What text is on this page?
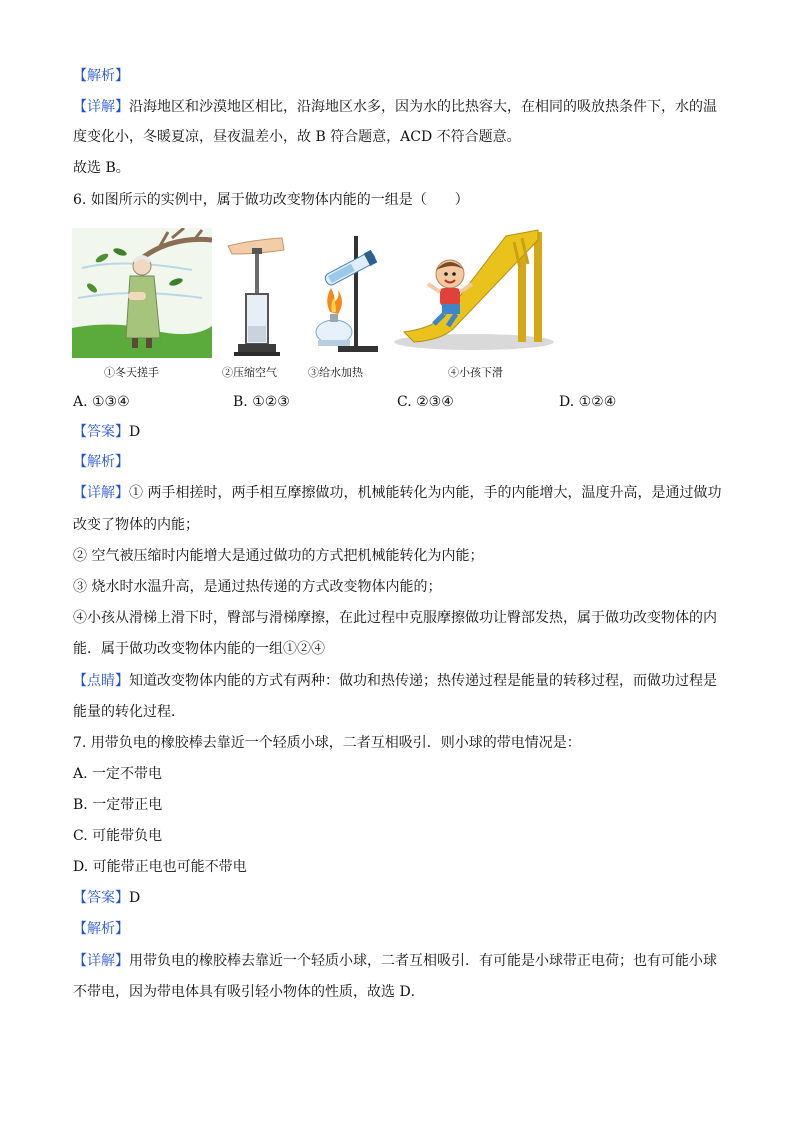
【解析】
【详解】沿海地区和沙漠地区相比，沿海地区水多，因为水的比热容大，在相同的吸放热条件下，水的温
度变化小，冬暖夏凉，昼夜温差小，故 B 符合题意，ACD 不符合题意。
故选 B。
6. 如图所示的实例中，属于做功改变物体内能的一组是（　　）
①冬天搓手	②压缩空气	③给水加热	④小孩下滑
A. ①③④	B. ①②③	C. ②③④	D. ①②④
【答案】D
【解析】
【详解】① 两手相搓时，两手相互摩擦做功，机械能转化为内能，手的内能增大，温度升高，是通过做功
改变了物体的内能；
② 空气被压缩时内能增大是通过做功的方式把机械能转化为内能；
③ 烧水时水温升高，是通过热传递的方式改变物体内能的；
④小孩从滑梯上滑下时，臀部与滑梯摩擦，在此过程中克服摩擦做功让臀部发热，属于做功改变物体的内
能．属于做功改变物体内能的一组①②④
【点睛】知道改变物体内能的方式有两种：做功和热传递；热传递过程是能量的转移过程，而做功过程是
能量的转化过程．
7. 用带负电的橡胶棒去靠近一个轻质小球，二者互相吸引．则小球的带电情况是：
A. 一定不带电
B. 一定带正电
C. 可能带负电
D. 可能带正电也可能不带电
【答案】D
【解析】
【详解】用带负电的橡胶棒去靠近一个轻质小球，二者互相吸引．有可能是小球带正电荷；也有可能小球
不带电，因为带电体具有吸引轻小物体的性质，故选 D．
